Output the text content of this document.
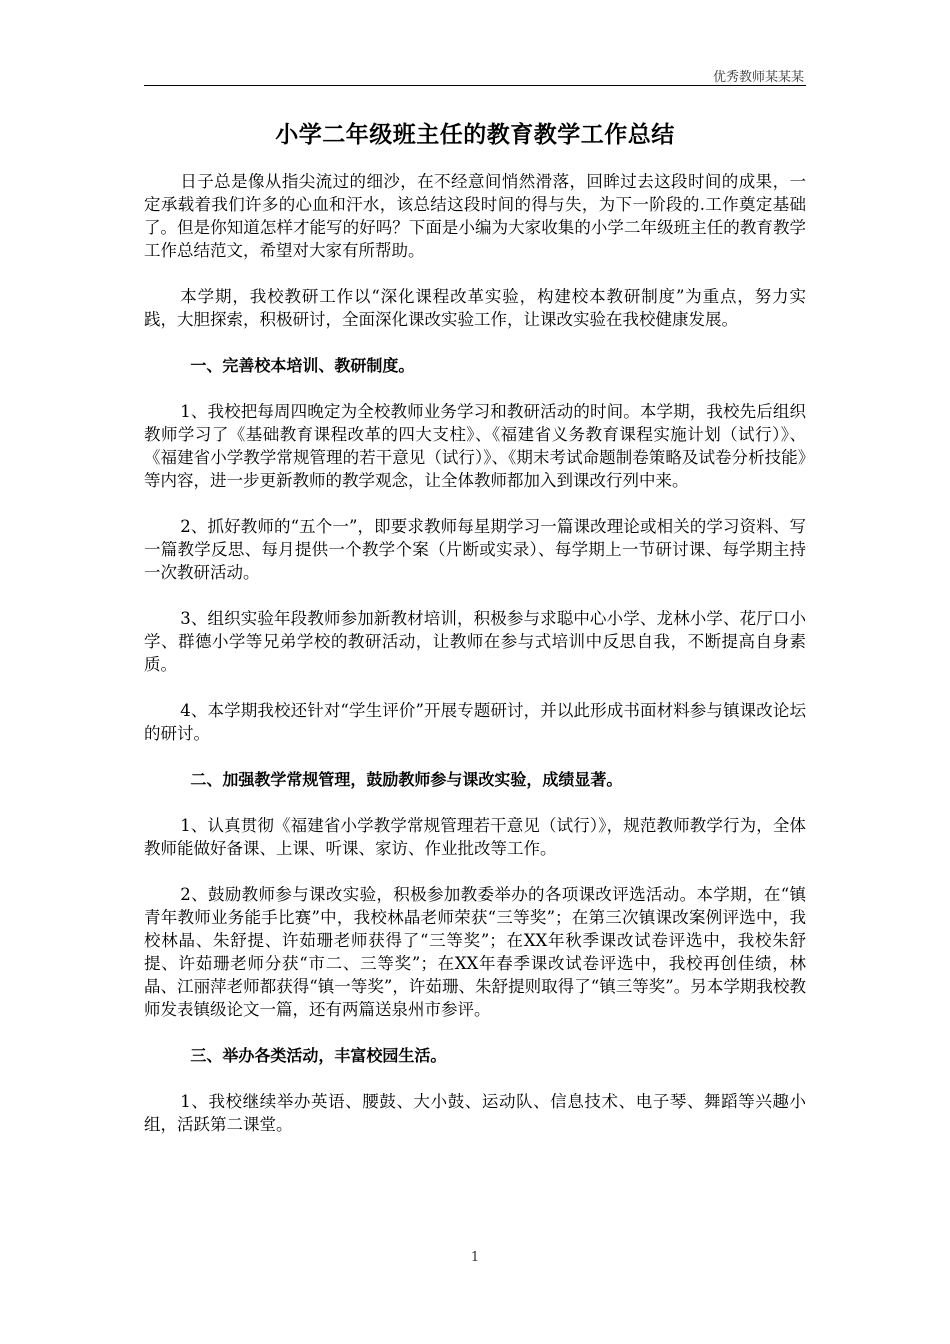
优秀教师某某某
小学二年级班主任的教育教学工作总结

日子总是像从指尖流过的细沙，在不经意间悄然滑落，回眸过去这段时间的成果，一定承载着我们许多的心血和汗水，该总结这段时间的得与失，为下一阶段的.工作奠定基础了。但是你知道怎样才能写的好吗？下面是小编为大家收集的小学二年级班主任的教育教学工作总结范文，希望对大家有所帮助。

本学期，我校教研工作以“深化课程改革实验，构建校本教研制度”为重点，努力实践，大胆探索，积极研讨，全面深化课改实验工作，让课改实验在我校健康发展。

一、完善校本培训、教研制度。

1、我校把每周四晚定为全校教师业务学习和教研活动的时间。本学期，我校先后组织教师学习了《基础教育课程改革的四大支柱》、《福建省义务教育课程实施计划（试行）》、《福建省小学教学常规管理的若干意见（试行）》、《期末考试命题制卷策略及试卷分析技能》等内容，进一步更新教师的教学观念，让全体教师都加入到课改行列中来。

2、抓好教师的“五个一”，即要求教师每星期学习一篇课改理论或相关的学习资料、写一篇教学反思、每月提供一个教学个案（片断或实录）、每学期上一节研讨课、每学期主持一次教研活动。

3、组织实验年段教师参加新教材培训，积极参与求聪中心小学、龙林小学、花厅口小学、群德小学等兄弟学校的教研活动，让教师在参与式培训中反思自我，不断提高自身素质。

4、本学期我校还针对“学生评价”开展专题研讨，并以此形成书面材料参与镇课改论坛的研讨。

二、加强教学常规管理，鼓励教师参与课改实验，成绩显著。

1、认真贯彻《福建省小学教学常规管理若干意见（试行）》，规范教师教学行为，全体教师能做好备课、上课、听课、家访、作业批改等工作。

2、鼓励教师参与课改实验，积极参加教委举办的各项课改评选活动。本学期，在“镇青年教师业务能手比赛”中，我校林晶老师荣获“三等奖”；在第三次镇课改案例评选中，我校林晶、朱舒提、许茹珊老师获得了“三等奖”；在XX年秋季课改试卷评选中，我校朱舒提、许茹珊老师分获“市二、三等奖”；在XX年春季课改试卷评选中，我校再创佳绩，林晶、江丽萍老师都获得“镇一等奖”，许茹珊、朱舒提则取得了“镇三等奖”。另本学期我校教师发表镇级论文一篇，还有两篇送泉州市参评。

三、举办各类活动，丰富校园生活。

1、我校继续举办英语、腰鼓、大小鼓、运动队、信息技术、电子琴、舞蹈等兴趣小组，活跃第二课堂。

1
